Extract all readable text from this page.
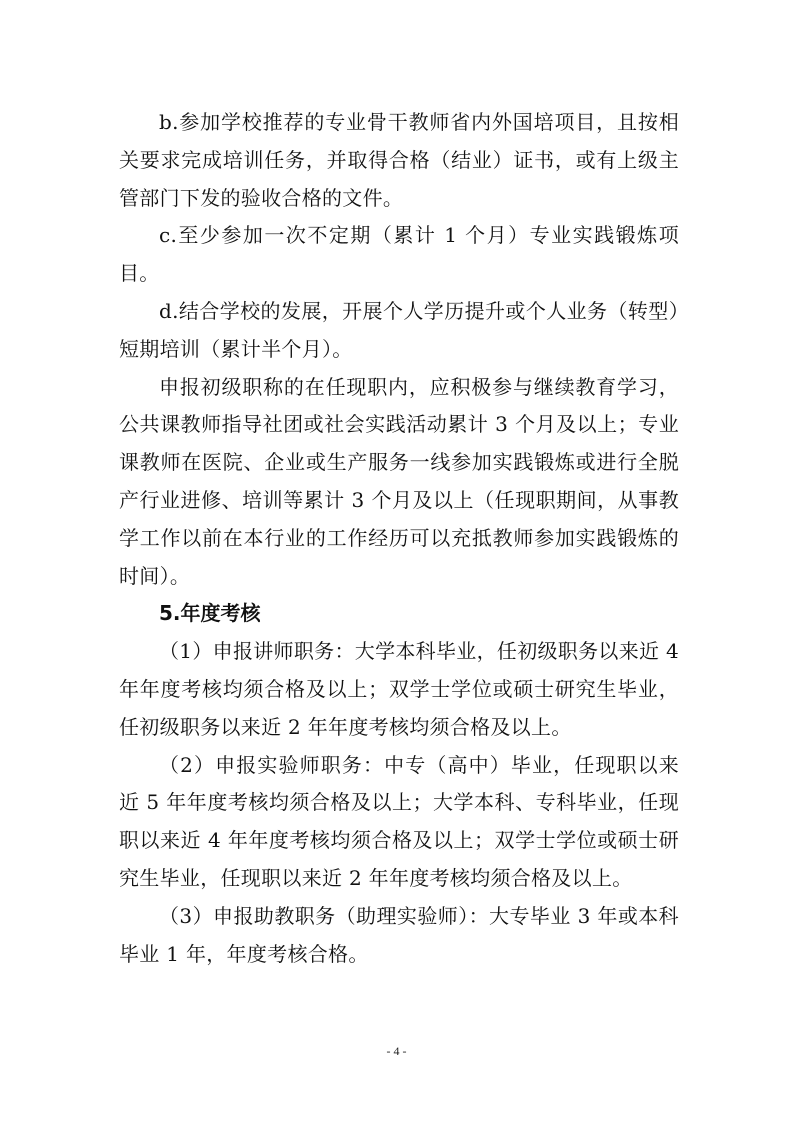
b.参加学校推荐的专业骨干教师省内外国培项目，且按相关要求完成培训任务，并取得合格（结业）证书，或有上级主管部门下发的验收合格的文件。

c.至少参加一次不定期（累计 1 个月）专业实践锻炼项目。

d.结合学校的发展，开展个人学历提升或个人业务（转型）短期培训（累计半个月）。

申报初级职称的在任现职内，应积极参与继续教育学习，公共课教师指导社团或社会实践活动累计 3 个月及以上；专业课教师在医院、企业或生产服务一线参加实践锻炼或进行全脱产行业进修、培训等累计 3 个月及以上（任现职期间，从事教学工作以前在本行业的工作经历可以充抵教师参加实践锻炼的时间）。

5.年度考核

（1）申报讲师职务：大学本科毕业，任初级职务以来近 4 年年度考核均须合格及以上；双学士学位或硕士研究生毕业，任初级职务以来近 2 年年度考核均须合格及以上。

（2）申报实验师职务：中专（高中）毕业，任现职以来近 5 年年度考核均须合格及以上；大学本科、专科毕业，任现职以来近 4 年年度考核均须合格及以上；双学士学位或硕士研究生毕业，任现职以来近 2 年年度考核均须合格及以上。

（3）申报助教职务（助理实验师）：大专毕业 3 年或本科毕业 1 年，年度考核合格。

- 4 -
